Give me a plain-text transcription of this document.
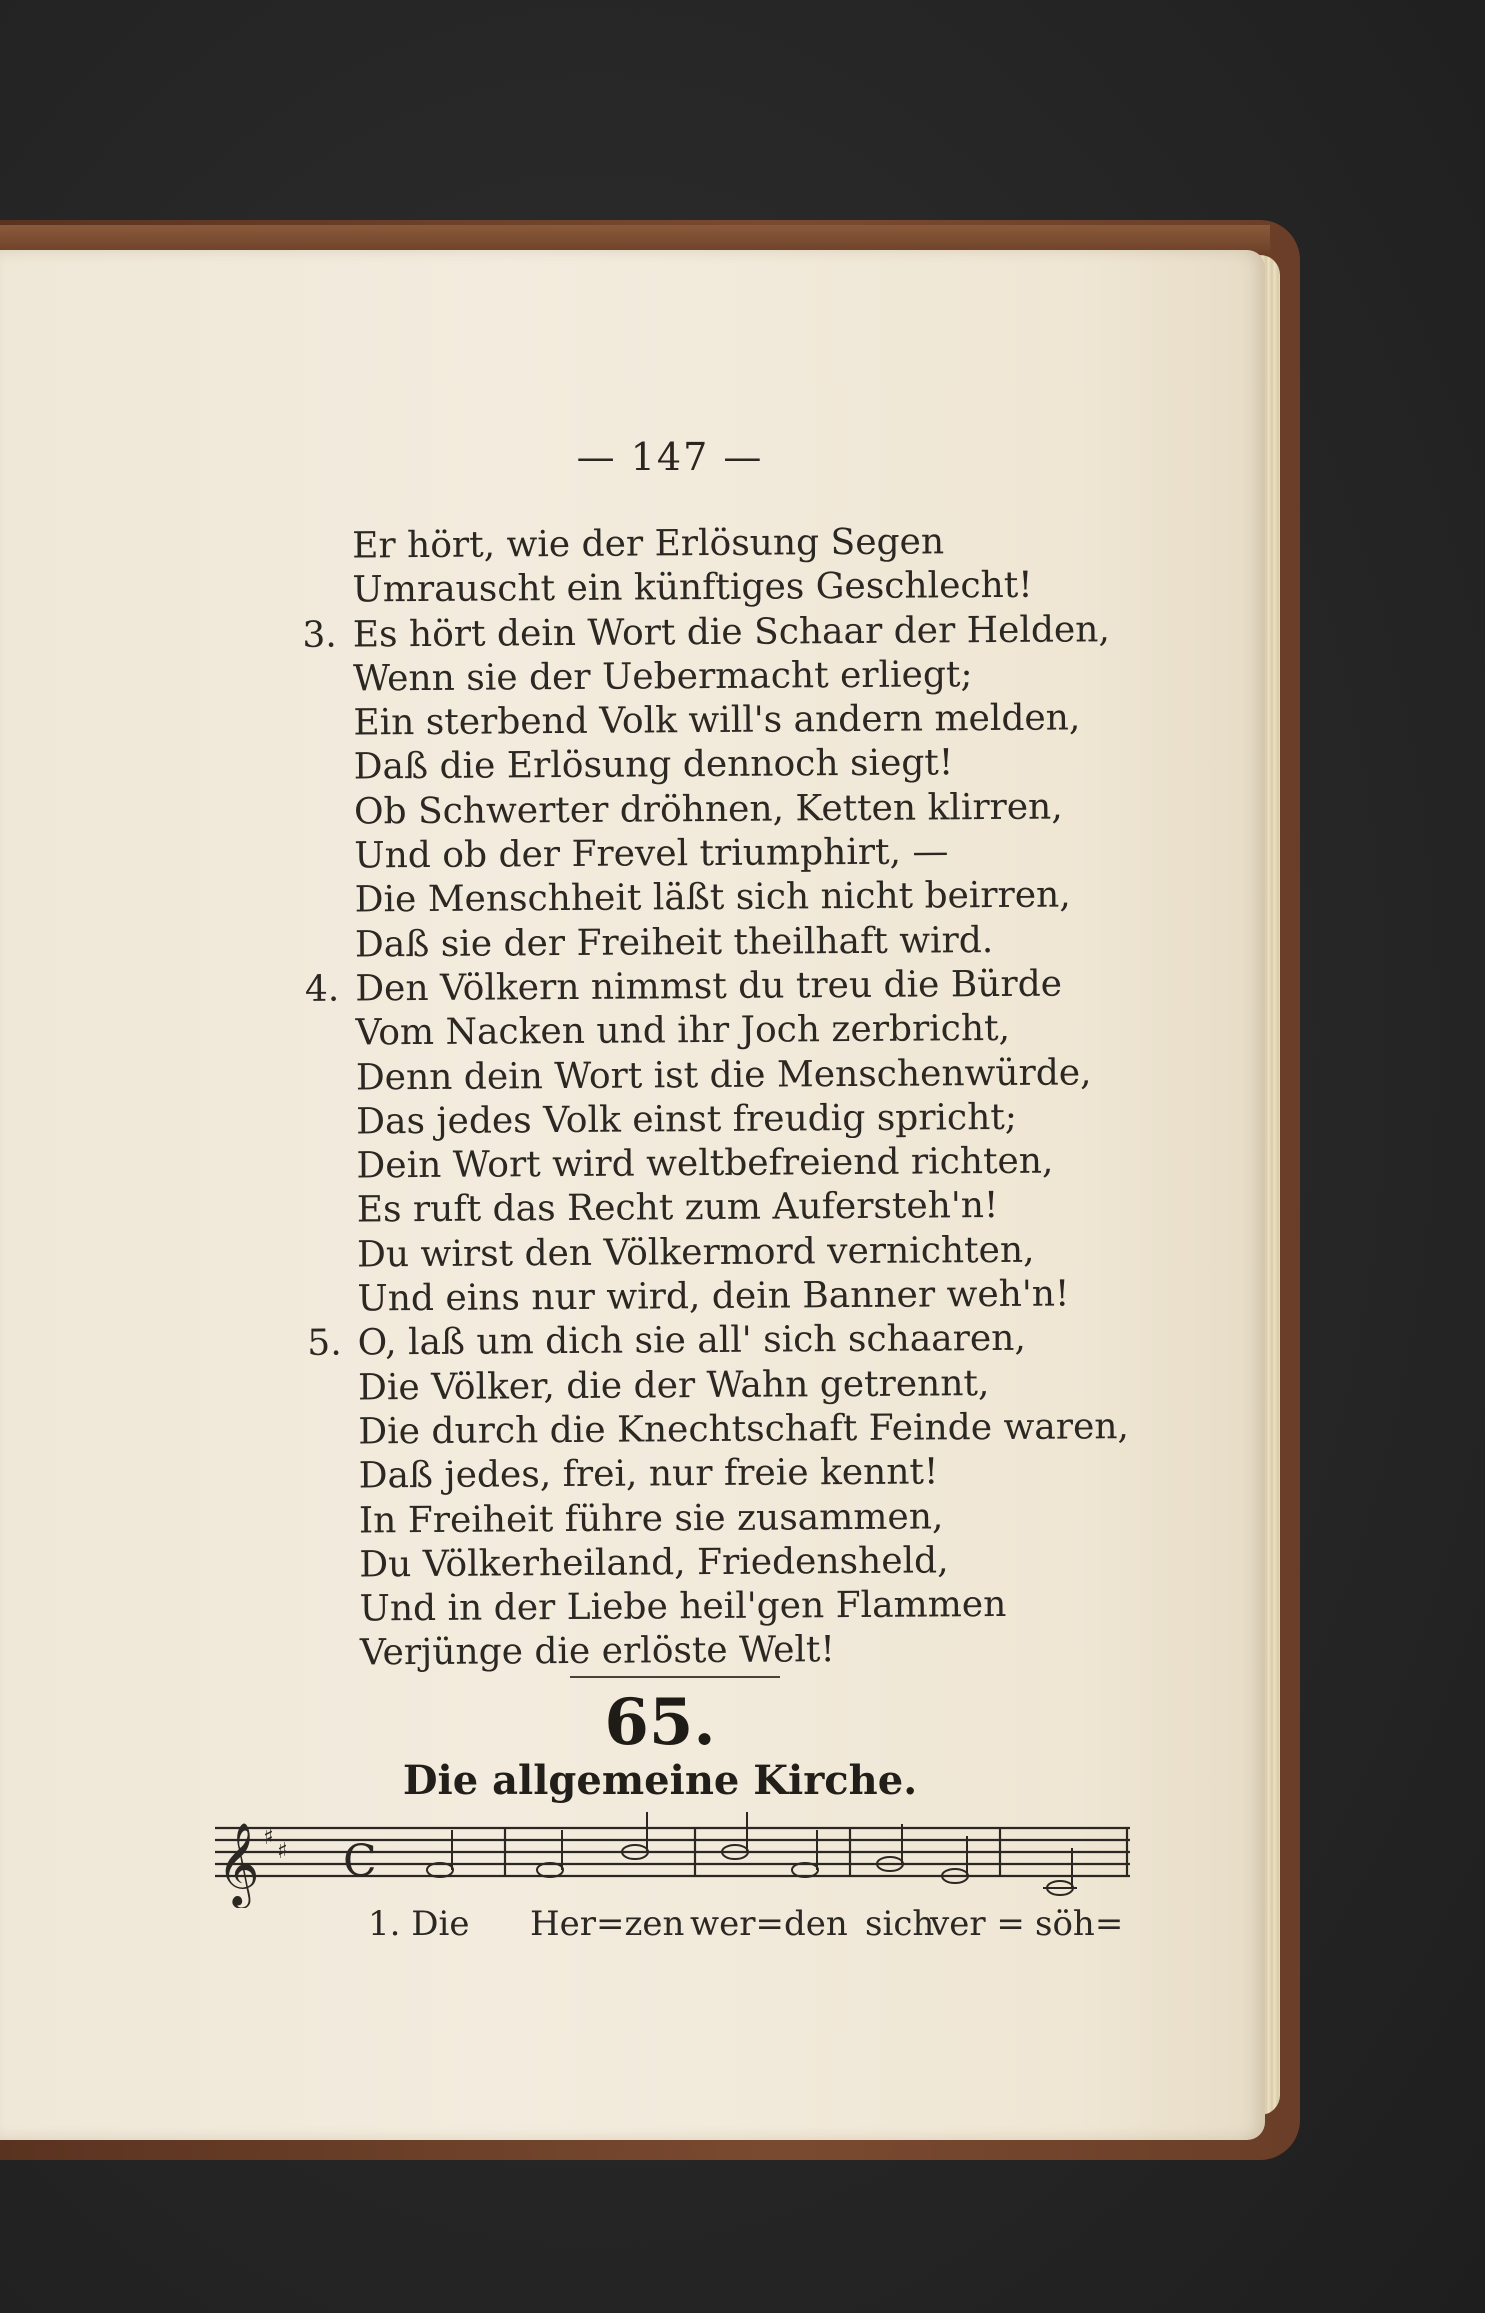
— 147 —
Er hört, wie der Erlösung Segen
Umrauscht ein künftiges Geschlecht!
3. Es hört dein Wort die Schaar der Helden,
Wenn sie der Uebermacht erliegt;
Ein sterbend Volk will's andern melden,
Daß die Erlösung dennoch siegt!
Ob Schwerter dröhnen, Ketten klirren,
Und ob der Frevel triumphirt, —
Die Menschheit läßt sich nicht beirren,
Daß sie der Freiheit theilhaft wird.
4. Den Völkern nimmst du treu die Bürde
Vom Nacken und ihr Joch zerbricht,
Denn dein Wort ist die Menschenwürde,
Das jedes Volk einst freudig spricht;
Dein Wort wird weltbefreiend richten,
Es ruft das Recht zum Aufersteh'n!
Du wirst den Völkermord vernichten,
Und eins nur wird, dein Banner weh'n!
5. O, laß um dich sie all' sich schaaren,
Die Völker, die der Wahn getrennt,
Die durch die Knechtschaft Feinde waren,
Daß jedes, frei, nur freie kennt!
In Freiheit führe sie zusammen,
Du Völkerheiland, Friedensheld,
Und in der Liebe heil'gen Flammen
Verjünge die erlöste Welt!
65.
Die allgemeine Kirche.
𝄞 ♯
♯ C
1. Die Her=zen wer=den sich
ver = söh=
